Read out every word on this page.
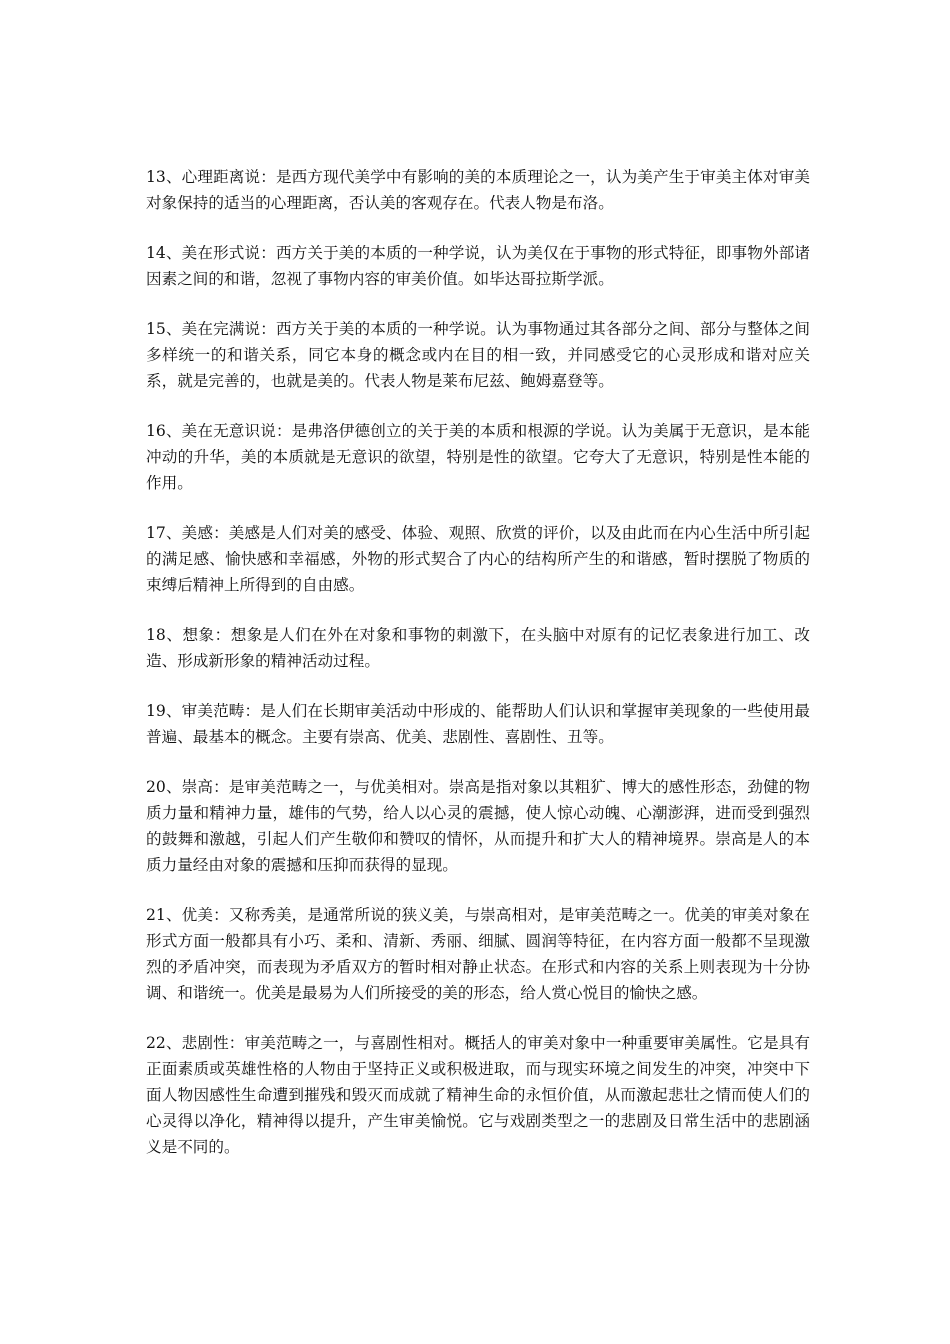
13、心理距离说：是西方现代美学中有影响的美的本质理论之一，认为美产生于审美主体对审美对象保持的适当的心理距离，否认美的客观存在。代表人物是布洛。

14、美在形式说：西方关于美的本质的一种学说，认为美仅在于事物的形式特征，即事物外部诸因素之间的和谐，忽视了事物内容的审美价值。如毕达哥拉斯学派。

15、美在完满说：西方关于美的本质的一种学说。认为事物通过其各部分之间、部分与整体之间多样统一的和谐关系，同它本身的概念或内在目的相一致，并同感受它的心灵形成和谐对应关系，就是完善的，也就是美的。代表人物是莱布尼兹、鲍姆嘉登等。

16、美在无意识说：是弗洛伊德创立的关于美的本质和根源的学说。认为美属于无意识，是本能冲动的升华，美的本质就是无意识的欲望，特别是性的欲望。它夸大了无意识，特别是性本能的作用。

17、美感：美感是人们对美的感受、体验、观照、欣赏的评价，以及由此而在内心生活中所引起的满足感、愉快感和幸福感，外物的形式契合了内心的结构所产生的和谐感，暂时摆脱了物质的束缚后精神上所得到的自由感。

18、想象：想象是人们在外在对象和事物的刺激下，在头脑中对原有的记忆表象进行加工、改造、形成新形象的精神活动过程。

19、审美范畴：是人们在长期审美活动中形成的、能帮助人们认识和掌握审美现象的一些使用最普遍、最基本的概念。主要有崇高、优美、悲剧性、喜剧性、丑等。

20、崇高：是审美范畴之一，与优美相对。崇高是指对象以其粗犷、博大的感性形态，劲健的物质力量和精神力量，雄伟的气势，给人以心灵的震撼，使人惊心动魄、心潮澎湃，进而受到强烈的鼓舞和激越，引起人们产生敬仰和赞叹的情怀，从而提升和扩大人的精神境界。崇高是人的本质力量经由对象的震撼和压抑而获得的显现。

21、优美：又称秀美，是通常所说的狭义美，与崇高相对，是审美范畴之一。优美的审美对象在形式方面一般都具有小巧、柔和、清新、秀丽、细腻、圆润等特征，在内容方面一般都不呈现激烈的矛盾冲突，而表现为矛盾双方的暂时相对静止状态。在形式和内容的关系上则表现为十分协调、和谐统一。优美是最易为人们所接受的美的形态，给人赏心悦目的愉快之感。

22、悲剧性：审美范畴之一，与喜剧性相对。概括人的审美对象中一种重要审美属性。它是具有正面素质或英雄性格的人物由于坚持正义或积极进取，而与现实环境之间发生的冲突，冲突中下面人物因感性生命遭到摧残和毁灭而成就了精神生命的永恒价值，从而激起悲壮之情而使人们的心灵得以净化，精神得以提升，产生审美愉悦。它与戏剧类型之一的悲剧及日常生活中的悲剧涵义是不同的。
